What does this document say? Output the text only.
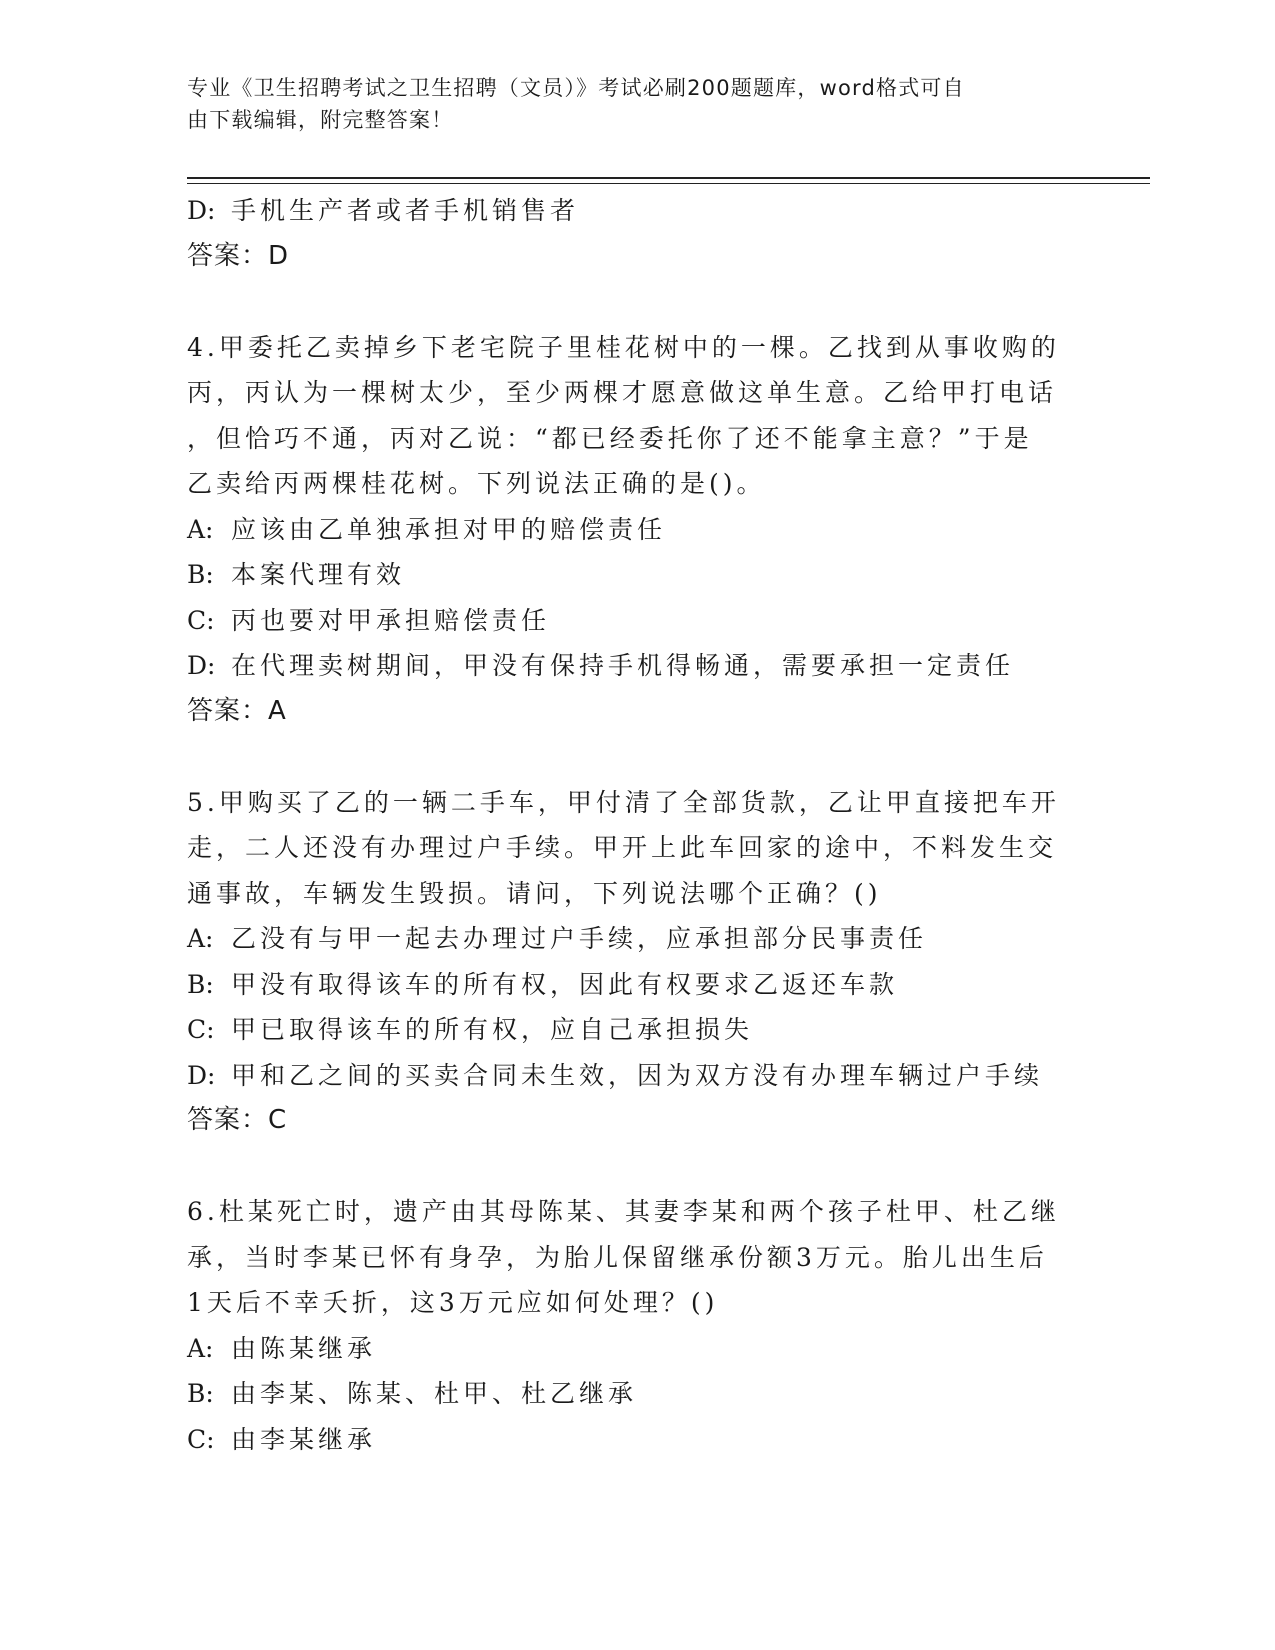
专业《卫生招聘考试之卫生招聘（文员）》考试必刷200题题库，word格式可自
由下载编辑，附完整答案！
D: 手机生产者或者手机销售者
答案：D
4.甲委托乙卖掉乡下老宅院子里桂花树中的一棵。乙找到从事收购的
丙，丙认为一棵树太少，至少两棵才愿意做这单生意。乙给甲打电话
，但恰巧不通，丙对乙说：“都已经委托你了还不能拿主意？”于是
乙卖给丙两棵桂花树。下列说法正确的是()。
A: 应该由乙单独承担对甲的赔偿责任
B: 本案代理有效
C: 丙也要对甲承担赔偿责任
D: 在代理卖树期间，甲没有保持手机得畅通，需要承担一定责任
答案：A
5.甲购买了乙的一辆二手车，甲付清了全部货款，乙让甲直接把车开
走，二人还没有办理过户手续。甲开上此车回家的途中，不料发生交
通事故，车辆发生毁损。请问，下列说法哪个正确？()
A: 乙没有与甲一起去办理过户手续，应承担部分民事责任
B: 甲没有取得该车的所有权，因此有权要求乙返还车款
C: 甲已取得该车的所有权，应自己承担损失
D: 甲和乙之间的买卖合同未生效，因为双方没有办理车辆过户手续
答案：C
6.杜某死亡时，遗产由其母陈某、其妻李某和两个孩子杜甲、杜乙继
承，当时李某已怀有身孕，为胎儿保留继承份额3万元。胎儿出生后
1天后不幸夭折，这3万元应如何处理？()
A: 由陈某继承
B: 由李某、陈某、杜甲、杜乙继承
C: 由李某继承
